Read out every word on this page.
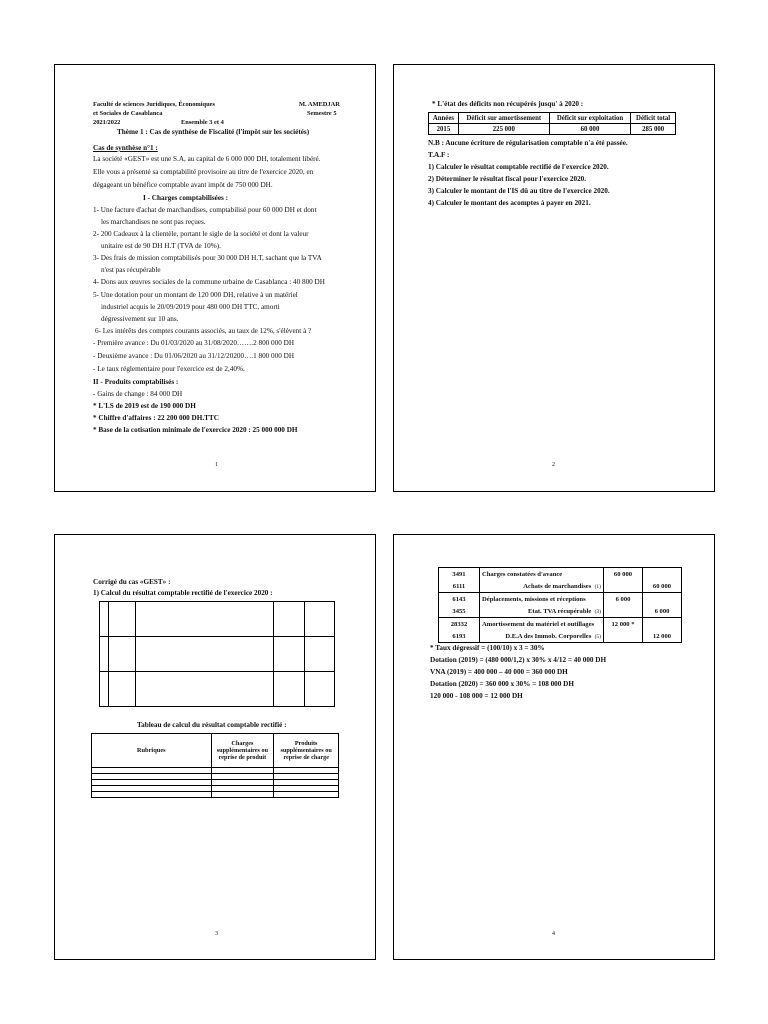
Faculté de sciences Juridiques, Économiques
et Sociales de Casablanca
2021/2022	Ensemble 3 et 4
M. AMEDJAR
Semestre 5
Thème 1 : Cas de synthèse de Fiscalité (l'impôt sur les sociétés)
Cas de synthèse n°1 :
La société «GEST» est une S.A, au capital de 6 000 000 DH, totalement libéré.
Elle vous a présenté sa comptabilité provisoire au titre de l'exercice 2020, en
dégageant un bénéfice comptable avant impôt de 750 000 DH.
I - Charges comptabilisées :
1- Une facture d'achat de marchandises, comptabilisé pour 60 000 DH et dont
les marchandises ne sont pas reçues.
2- 200 Cadeaux à la clientèle, portant le sigle de la société et dont la valeur
unitaire est de 90 DH H.T (TVA de 10%).
3- Des frais de mission comptabilisés pour 30 000 DH H.T, sachant que la TVA
n'est pas récupérable
4- Dons aux œuvres sociales de la commune urbaine de Casablanca : 40 800 DH
5- Une dotation pour un montant de 120 000 DH, relative à un matériel
industriel acquis le 20/09/2019 pour 480 000 DH TTC, amorti
dégressivement sur 10 ans.
6- Les intérêts des comptes courants associés, au taux de 12%, s'élèvent à ?
- Première avance : Du 01/03/2020 au 31/08/2020…….2 800 000 DH
- Deuxième avance : Du 01/06/2020 au 31/12/20200….1 800 000 DH
- Le taux réglementaire pour l'exercice est de 2,40%.
II - Produits comptabilisés :
- Gains de change : 84 000 DH
* L'I.S de 2019 est de 190 000 DH
* Chiffre d'affaires : 22 200 000 DH.TTC
* Base de la cotisation minimale de l'exercice 2020 : 25 000 000 DH
1
* L'état des déficits non récupérés jusqu' à 2020 :
Années	Déficit sur amortissement	Déficit sur exploitation	Déficit total
2015	225 000	60 000	285 000
N.B : Aucune écriture de régularisation comptable n'a été passée.
T.A.F :
1) Calculer le résultat comptable rectifié de l'exercice 2020.
2) Déterminer le résultat fiscal pour l'exercice 2020.
3) Calculer le montant de l'IS dû au titre de l'exercice 2020.
4) Calculer le montant des acomptes à payer en 2021.
2
Corrigé du cas «GEST» :
1) Calcul du résultat comptable rectifié de l'exercice 2020 :

Tableau de calcul du résultat comptable rectifié :
Rubriques	Charges supplémentaires ou reprise de produit	Produits supplémentaires ou reprise de charge

3
3491	Charges constatées d'avance	60 000	
6111	Achats de marchandises (1)		60 000
6143	Déplacements, missions et réceptions	6 000	
3455	Etat. TVA récupérable (3)		6 000
28332	Amortissement du matériel et outillages	12 000 *	
6193	D.E.A des Immob. Corporelles (5)		12 000
* Taux dégressif = (100/10) x 3 = 30%
Dotation (2019) = (480 000/1,2) x 30% x 4/12 = 40 000 DH
VNA (2019) = 400 000 – 40 000 = 360 000 DH
Dotation (2020) = 360 000 x 30% = 108 000 DH
120 000 - 108 000 = 12 000 DH
4
